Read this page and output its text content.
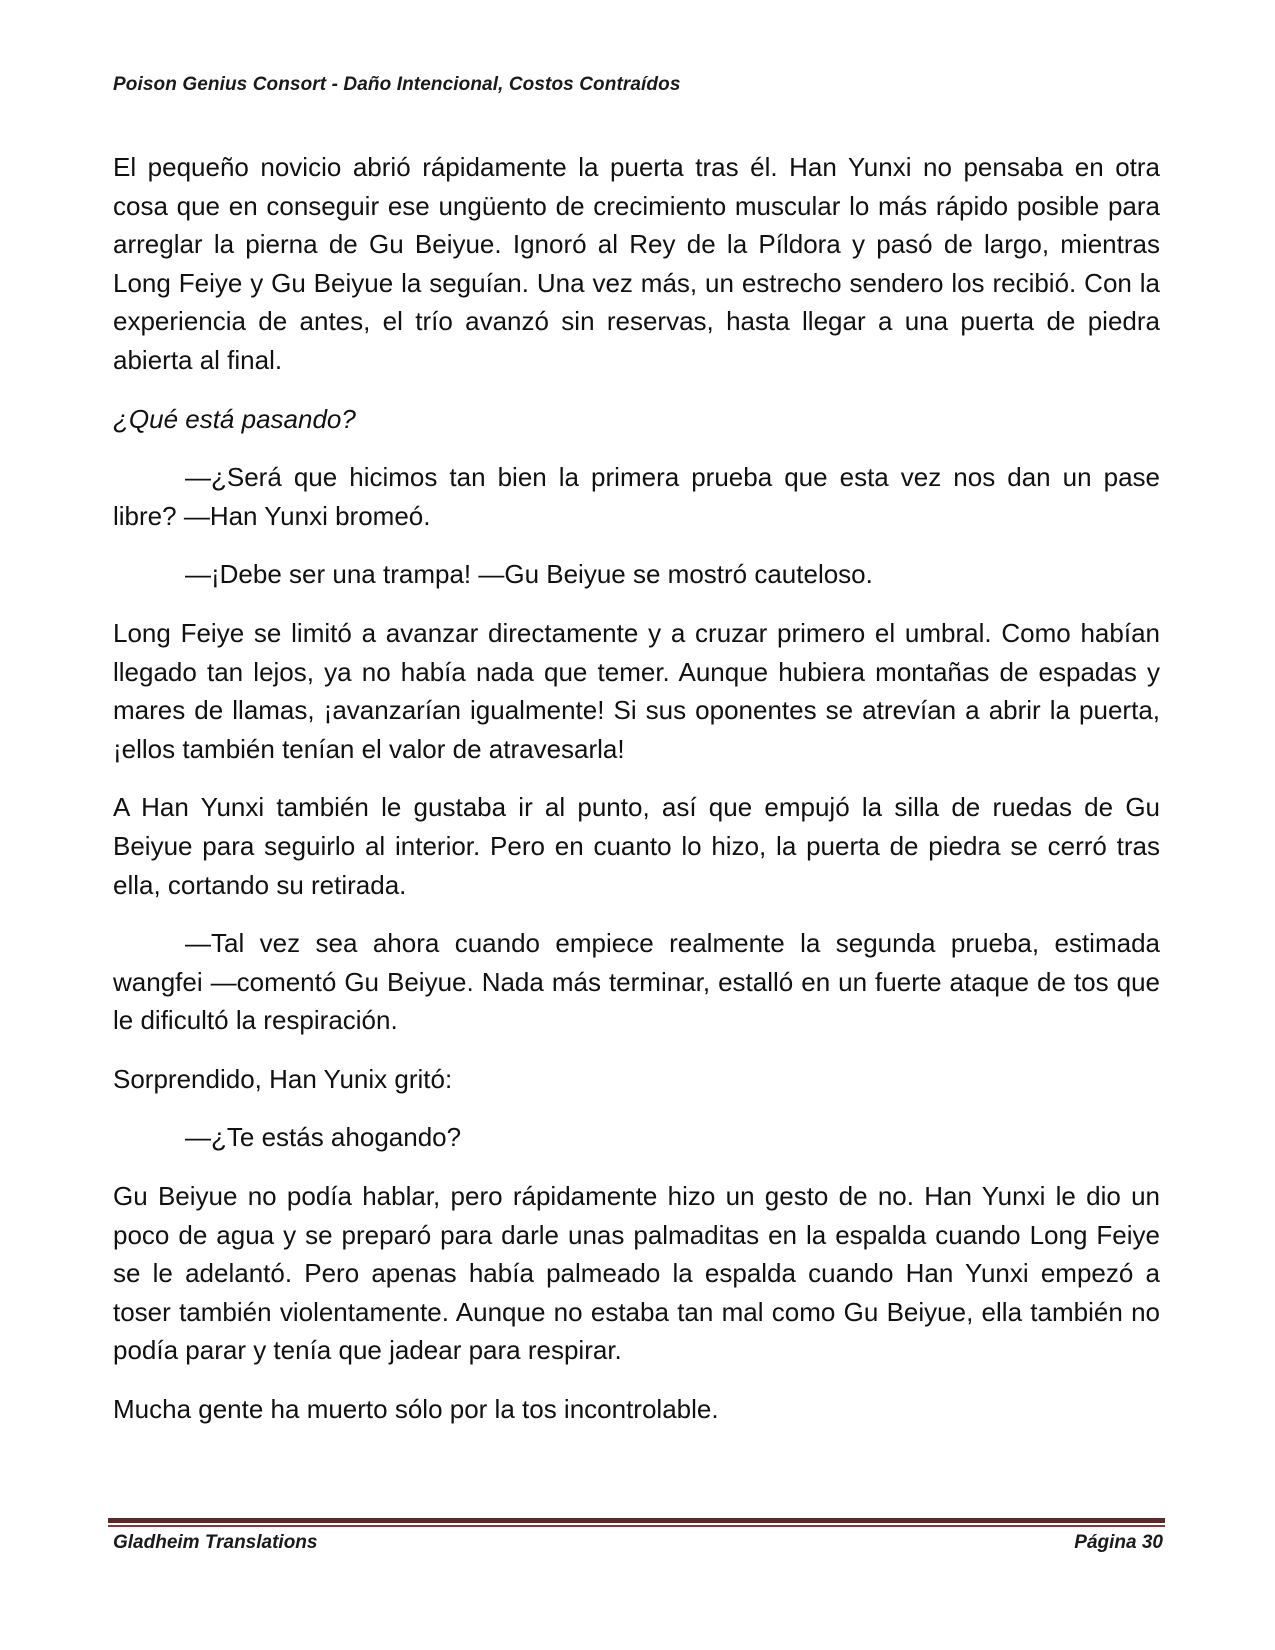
Poison Genius Consort - Daño Intencional, Costos Contraídos

El pequeño novicio abrió rápidamente la puerta tras él. Han Yunxi no pensaba en otra cosa que en conseguir ese ungüento de crecimiento muscular lo más rápido posible para arreglar la pierna de Gu Beiyue. Ignoró al Rey de la Píldora y pasó de largo, mientras Long Feiye y Gu Beiyue la seguían. Una vez más, un estrecho sendero los recibió. Con la experiencia de antes, el trío avanzó sin reservas, hasta llegar a una puerta de piedra abierta al final.

¿Qué está pasando?

—¿Será que hicimos tan bien la primera prueba que esta vez nos dan un pase libre? —Han Yunxi bromeó.

—¡Debe ser una trampa! —Gu Beiyue se mostró cauteloso.

Long Feiye se limitó a avanzar directamente y a cruzar primero el umbral. Como habían llegado tan lejos, ya no había nada que temer. Aunque hubiera montañas de espadas y mares de llamas, ¡avanzarían igualmente! Si sus oponentes se atrevían a abrir la puerta, ¡ellos también tenían el valor de atravesarla!

A Han Yunxi también le gustaba ir al punto, así que empujó la silla de ruedas de Gu Beiyue para seguirlo al interior. Pero en cuanto lo hizo, la puerta de piedra se cerró tras ella, cortando su retirada.

—Tal vez sea ahora cuando empiece realmente la segunda prueba, estimada wangfei —comentó Gu Beiyue. Nada más terminar, estalló en un fuerte ataque de tos que le dificultó la respiración.

Sorprendido, Han Yunix gritó:

—¿Te estás ahogando?

Gu Beiyue no podía hablar, pero rápidamente hizo un gesto de no. Han Yunxi le dio un poco de agua y se preparó para darle unas palmaditas en la espalda cuando Long Feiye se le adelantó. Pero apenas había palmeado la espalda cuando Han Yunxi empezó a toser también violentamente. Aunque no estaba tan mal como Gu Beiyue, ella también no podía parar y tenía que jadear para respirar.

Mucha gente ha muerto sólo por la tos incontrolable.

Gladheim Translations	Página 30
